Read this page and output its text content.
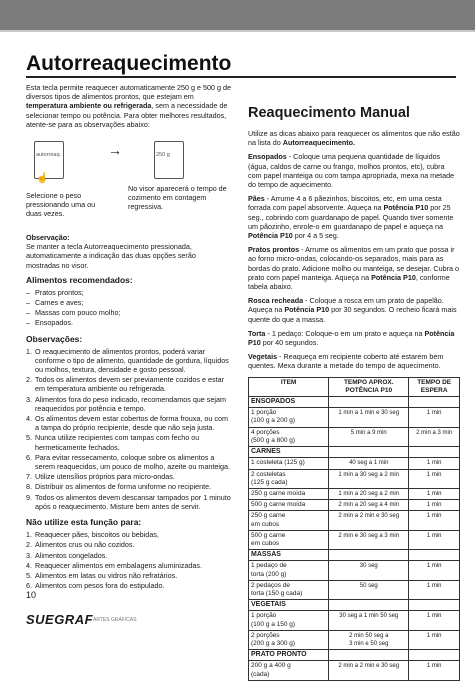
Autorreaquecimento

Esta tecla permite reaquecer automaticamente 250 g e 500 g de diversos tipos de alimentos prontos, que estejam em temperatura ambiente ou refrigerada, sem a necessidade de selecionar tempo ou potência. Para obter melhores resultados, atente-se para as observações abaixo:

autorreaq.
☝
→	250 g
Selecione o peso pressionando uma ou duas vezes.
No visor aparecerá o tempo de cozimento em contagem regressiva.
Observação:

Se manter a tecla Autorreaquecimento pressionada, automaticamente a indicação das duas opções serão mostradas no visor.

Alimentos recomendados:
– Pratos prontos;
– Carnes e aves;
– Massas com pouco molho;
– Ensopados.
Observações:
1. O reaquecimento de alimentos prontos, poderá variar conforme o tipo de alimento, quantidade de gordura, líquidos ou molhos, textura, densidade e gosto pessoal.
2. Todos os alimentos devem ser previamente cozidos e estar em temperatura ambiente ou refrigerada.
3. Alimentos fora do peso indicado, recomendamos que sejam reaquecidos por potência e tempo.
4. Os alimentos devem estar cobertos de forma frouxa, ou com a tampa do próprio recipiente, desde que não seja justa.
5. Nunca utilize recipientes com tampas com fecho ou hermeticamente fechados.
6. Para evitar ressecamento, coloque sobre os alimentos a serem reaquecidos, um pouco de molho, azeite ou manteiga.
7. Utilize utensílios próprios para micro-ondas.
8. Distribuir os alimentos de forma uniforme no recipiente.
9. Todos os alimentos devem descansar tampados por 1 minuto após o reaquecimento. Misture bem antes de servir.
Não utilize esta função para:
1. Reaquecer pães, biscoitos ou bebidas,
2. Alimentos crus ou não cozidos.
3. Alimentos congelados.
4. Reaquecer alimentos em embalagens aluminizadas.
5. Alimentos em latas ou vidros não refratários.
6. Alimentos com pesos fora do estipulado.
Reaquecimento Manual

Utilize as dicas abaixo para reaquecer os alimentos que não estão na lista do Autorreaquecimento.

Ensopados - Coloque uma pequena quantidade de líquidos (água, caldos de carne ou frango, molhos prontos, etc), cubra com papel manteiga ou com tampa apropriada, mexa na metade do tempo de aquecimento.

Pães - Arrume 4 a 6 pãezinhos, biscoitos, etc, em uma cesta forrada com papel absorvente. Aqueça na Potência P10 por 25 seg., cobrindo com guardanapo de papel. Quando tiver somente um pãozinho, enrole-o em guardanapo de papel e aqueça na Potência P10 por 4 a 5 seg.

Pratos prontos - Arrume os alimentos em um prato que possa ir ao forno micro-ondas, colocando-os separados, mais para as bordas do prato. Adicione molho ou manteiga, se desejar. Cubra o prato com papel manteiga. Aqueça na Potência P10, conforme tabela abaixo.

Rosca recheada - Coloque a rosca em um prato de papelão. Aqueça na Potência P10 por 30 segundos. O recheio ficará mais quente do que a massa.

Torta - 1 pedaço: Coloque-o em um prato e aqueça na Potência P10 por 40 segundos.

Vegetais - Reaqueça em recipiente coberto até estarem bem quentes. Mexa durante a metade do tempo de aquecimento.

ITEM	TEMPO APROX. POTÊNCIA P10	TEMPO DE ESPERA
ENSOPADOS		
1 porção
(100 g a 200 g)	1 min a 1 min e 30 seg	1 min
4 porções
(500 g a 800 g)	5 min a 9 min	2 min a 3 min
CARNES		
1 costeleta (125 g)	40 seg a 1 min	1 min
2 costeletas
(125 g cada)	1 min a 30 seg a 2 min	1 min
250 g carne moída	1 min a 20 seg a 2 min	1 min
500 g carne moída	2 min a 20 seg a 4 min	1 min
250 g carne
em cubos	2 min a 2 min e 30 seg	1 min
500 g carne
em cubos	2 min e 30 seg a 3 min	1 min
MASSAS		
1 pedaço de
torta (200 g)	30 seg	1 min
2 pedaços de
torta (150 g cada)	50 seg	1 min
VEGETAIS		
1 porção
(100 g a 150 g)	30 seg a 1 min 50 seg	1 min
2 porções
(200 g a 300 g)	2 min 50 seg a
3 min e 50 seg	1 min
PRATO PRONTO		
200 g a 400 g
(cada)	2 min a 2 min e 30 seg	1 min
10
SUEGRAF ARTES GRÁFICAS
